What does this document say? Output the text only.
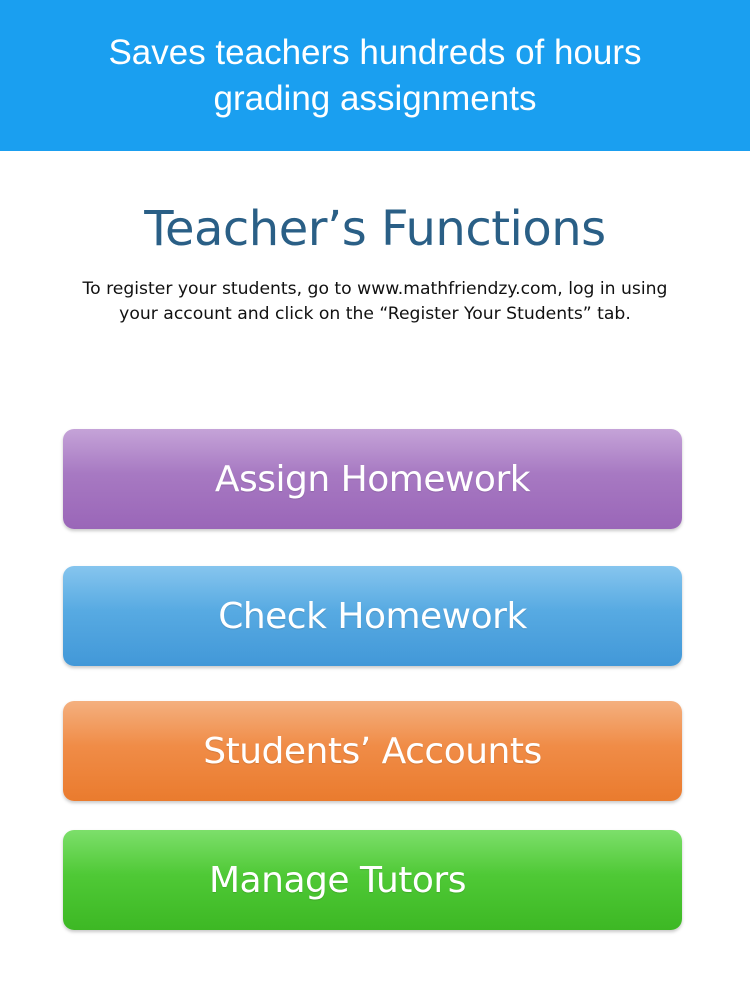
Saves teachers hundreds of hours
grading assignments

Teacher’s Functions

To register your students, go to www.mathfriendzy.com, log in using
your account and click on the “Register Your Students” tab.

Assign Homework
Check Homework
Students’ Accounts
Manage Tutors
